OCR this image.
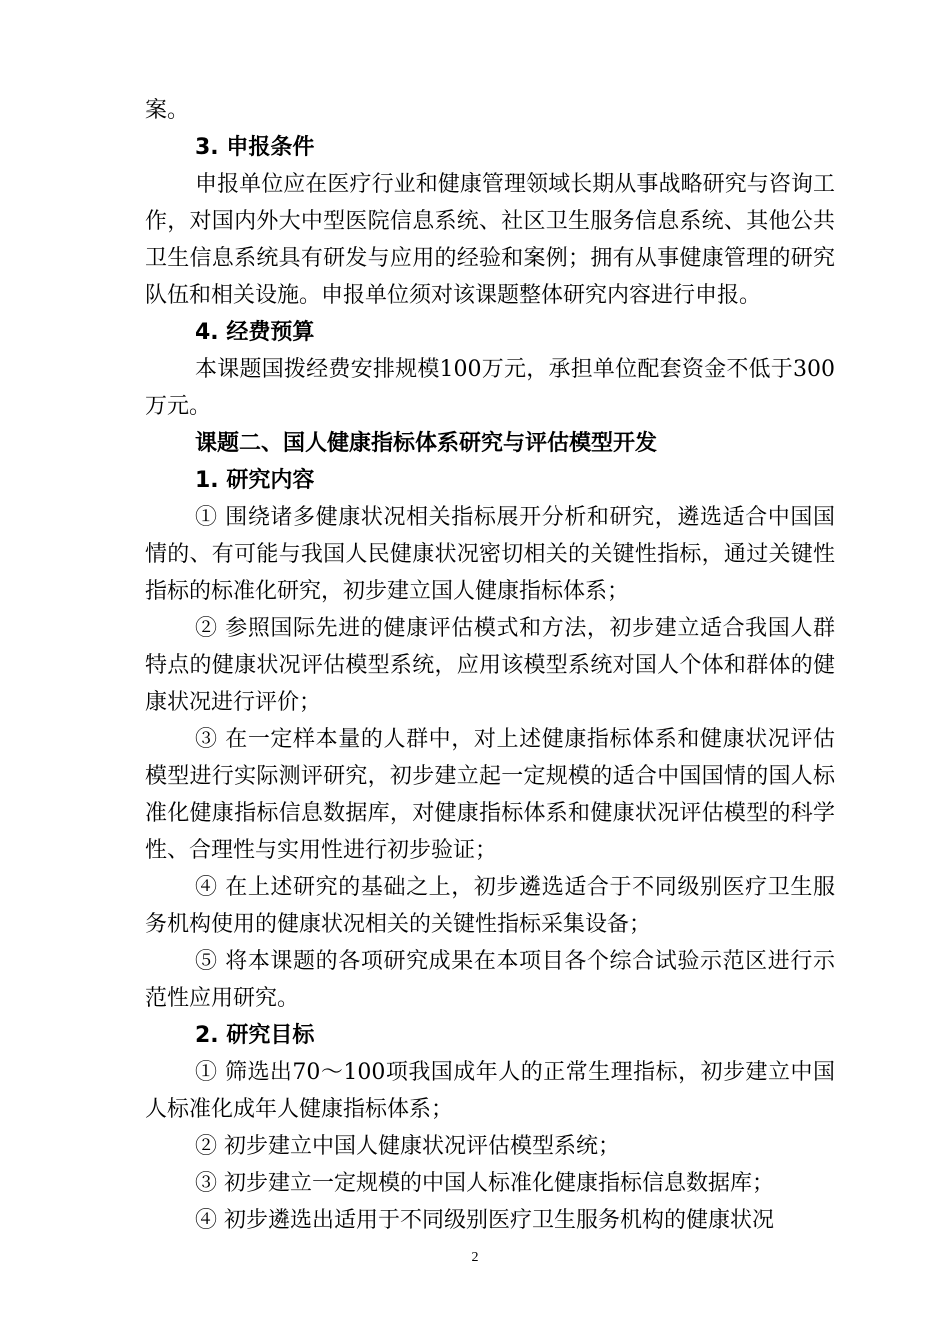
案。

3. 申报条件

申报单位应在医疗行业和健康管理领域长期从事战略研究与咨询工作，对国内外大中型医院信息系统、社区卫生服务信息系统、其他公共卫生信息系统具有研发与应用的经验和案例；拥有从事健康管理的研究队伍和相关设施。申报单位须对该课题整体研究内容进行申报。

4. 经费预算

本课题国拨经费安排规模100万元，承担单位配套资金不低于300万元。

课题二、国人健康指标体系研究与评估模型开发

1. 研究内容

① 围绕诸多健康状况相关指标展开分析和研究，遴选适合中国国情的、有可能与我国人民健康状况密切相关的关键性指标，通过关键性指标的标准化研究，初步建立国人健康指标体系；

② 参照国际先进的健康评估模式和方法，初步建立适合我国人群特点的健康状况评估模型系统，应用该模型系统对国人个体和群体的健康状况进行评价；

③ 在一定样本量的人群中，对上述健康指标体系和健康状况评估模型进行实际测评研究，初步建立起一定规模的适合中国国情的国人标准化健康指标信息数据库，对健康指标体系和健康状况评估模型的科学性、合理性与实用性进行初步验证；

④ 在上述研究的基础之上，初步遴选适合于不同级别医疗卫生服务机构使用的健康状况相关的关键性指标采集设备；

⑤ 将本课题的各项研究成果在本项目各个综合试验示范区进行示范性应用研究。

2. 研究目标

① 筛选出70～100项我国成年人的正常生理指标，初步建立中国人标准化成年人健康指标体系；

② 初步建立中国人健康状况评估模型系统；

③ 初步建立一定规模的中国人标准化健康指标信息数据库；

④ 初步遴选出适用于不同级别医疗卫生服务机构的健康状况

2
